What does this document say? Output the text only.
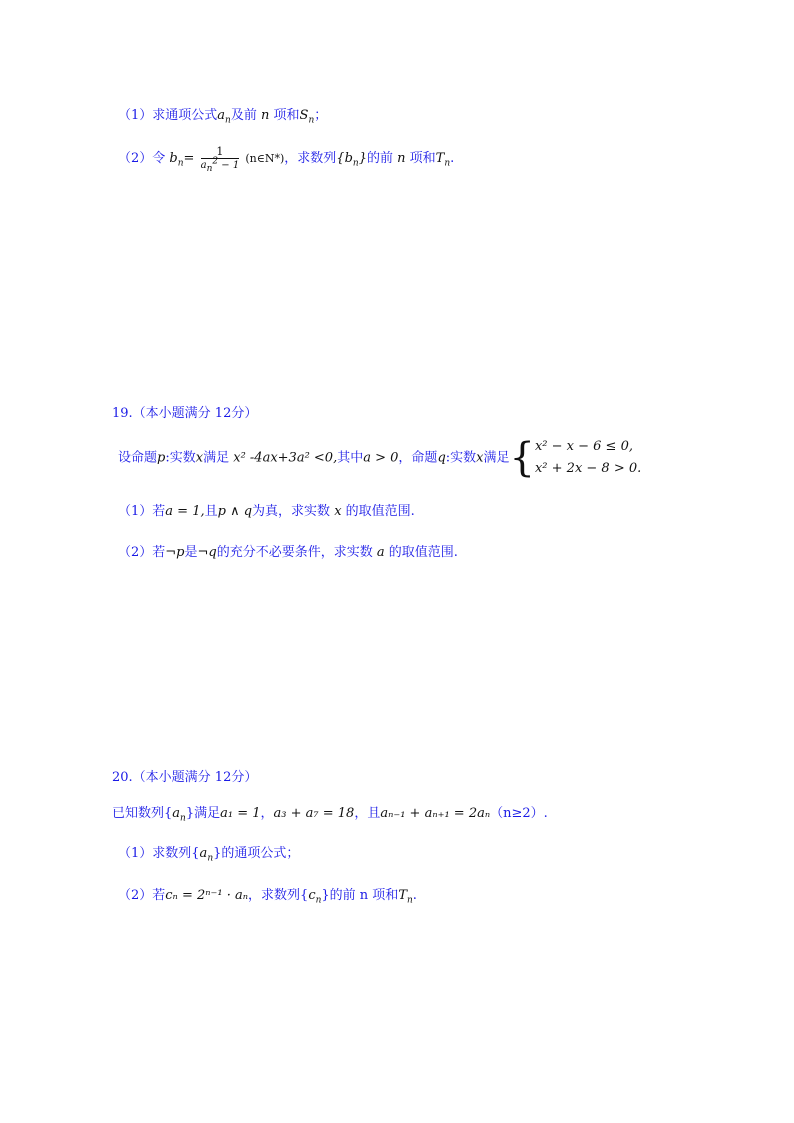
（1）求通项公式$a_n$及前 n 项和$S_n$；
（2）令 $b_n= \frac{1}{a_n^2 - 1}$ (n∈N*)，求数列$\{b_n\}$的前 n 项和$T_n$.
19.（本小题满分 12分）
设命题p:实数x满足 x² -4ax+3a² <0,其中a > 0，命题q:实数x满足{ x² − x − 6 ≤ 0,
x² + 2x − 8 > 0.
（1）若a = 1,且p ∧ q为真，求实数 x 的取值范围.
（2）若¬p是¬q的充分不必要条件，求实数 a 的取值范围.
20.（本小题满分 12分）
已知数列$\{a_n\}$满足a₁ = 1，a₃ + a₇ = 18，且aₙ₋₁ + aₙ₊₁ = 2aₙ（n≥2）.
（1）求数列$\{a_n\}$的通项公式；
（2）若cₙ = 2ⁿ⁻¹ · aₙ，求数列$\{c_n\}$的前 n 项和$T_n$.
